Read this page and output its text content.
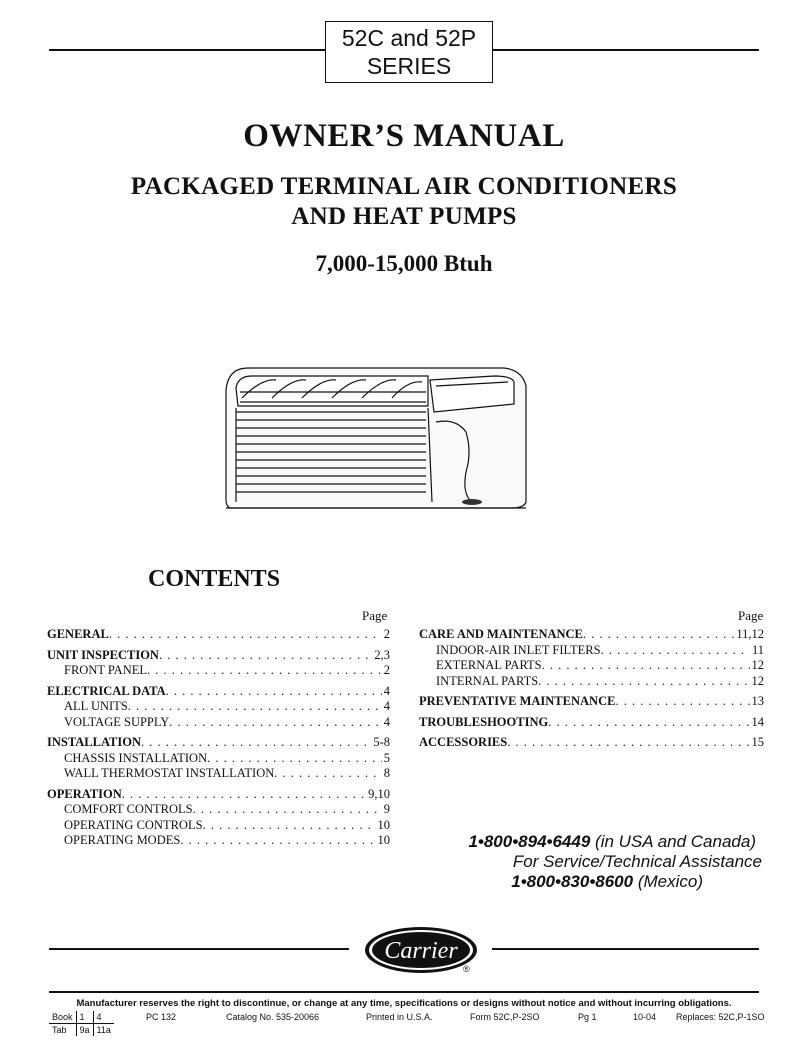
52C and 52P
SERIES
OWNER’S MANUAL
PACKAGED TERMINAL AIR CONDITIONERS
AND HEAT PUMPS
7,000-15,000 Btuh
CONTENTS
Page	Page
GENERAL . . .	2
UNIT INSPECTION . . .	2,3
FRONT PANEL . . .	2
ELECTRICAL DATA . . .	4
ALL UNITS . . .	4
VOLTAGE SUPPLY . . .	4
INSTALLATION . . .	5-8
CHASSIS INSTALLATION . . .	5
WALL THERMOSTAT INSTALLATION . . .	8
OPERATION . . .	9,10
COMFORT CONTROLS . . .	9
OPERATING CONTROLS . . .	10
OPERATING MODES . . .	10
CARE AND MAINTENANCE . . .	11,12
INDOOR-AIR INLET FILTERS . . .	11
EXTERNAL PARTS . . .	12
INTERNAL PARTS . . .	12
PREVENTATIVE MAINTENANCE . . .	13
TROUBLESHOOTING . . .	14
ACCESSORIES . . .	15
1•800•894•6449 (in USA and Canada)
For Service/Technical Assistance
1•800•830•8600 (Mexico)
Carrier
®
Manufacturer reserves the right to discontinue, or change at any time, specifications or designs without notice and without incurring obligations.
Book	1	4
Tab	9a	11a
PC 132	Catalog No. 535-20066	Printed in U.S.A.	Form 52C,P-2SO	Pg 1	10-04 Replaces: 52C,P-1SO
